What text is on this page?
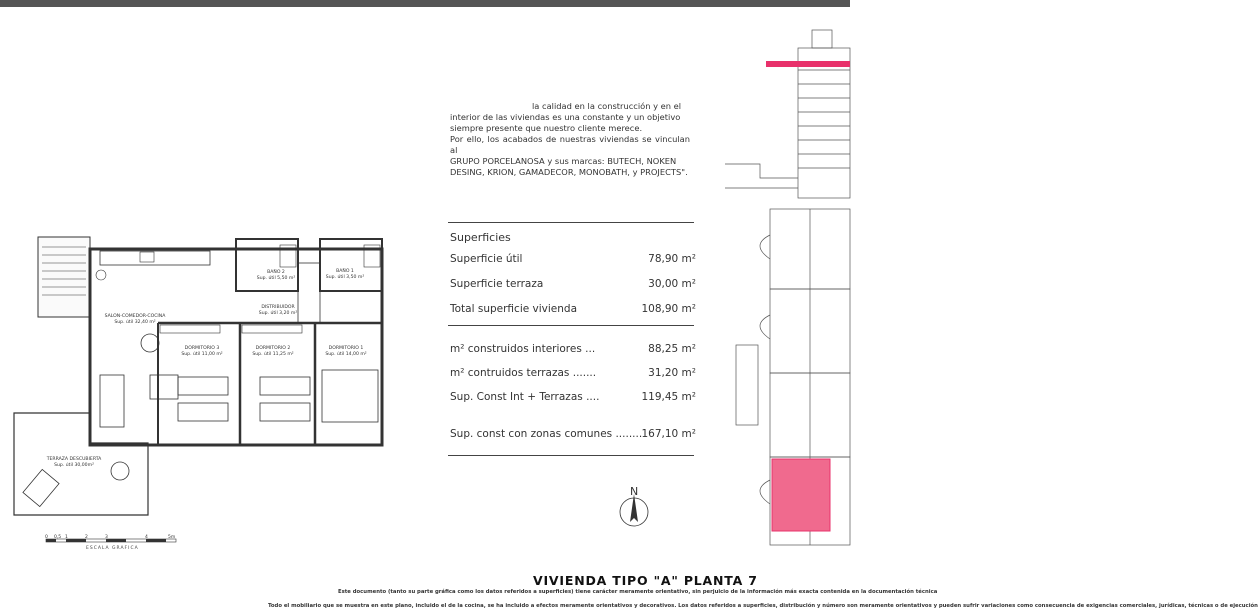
la calidad en la construcción y en el

interior de las viviendas es una constante y un objetivo

siempre presente que nuestro cliente merece.

Por ello, los acabados de nuestras viviendas se vinculan al

GRUPO PORCELANOSA y sus marcas: BUTECH, NOKEN

DESING, KRION, GAMADECOR, MONOBATH, y PROJECTS".

Superficies
Superficie útil	78,90 m²
Superficie terraza	30,00 m²
Total superficie vivienda	108,90 m²
m² construidos interiores ...	88,25 m²
m² contruidos terrazas .......	31,20 m²
Sup. Const Int + Terrazas ....	119,45 m²
Sup. const con zonas comunes ........ 167,10 m²
SALON-COMEDOR-COCINA
Sup. útil 32,40 m²
DISTRIBUIDOR
Sup. útil 3,20 m²
BAÑO 2
Sup. útil 5,50 m²
BAÑO 1
Sup. útil 3,50 m²
DORMITORIO 3
Sup. útil 11,00 m²
DORMITORIO 2
Sup. útil 11,25 m²
DORMITORIO 1
Sup. útil 14,00 m²
TERRAZA DESCUBIERTA
Sup. útil 30,00m²
0 0,5 1	2	3	4	5m
ESCALA GRAFICA
N
VIVIENDA TIPO "A" PLANTA 7
Este documento (tanto su parte gráfica como los datos referidos a superficies) tiene carácter meramente orientativo, sin perjuicio de la información más exacta contenida en la documentación técnica
Todo el mobiliario que se muestra en este plano, incluido el de la cocina, se ha incluido a efectos meramente orientativos y decorativos. Los datos referidos a superficies, distribución y número son meramente orientativos y pueden sufrir variaciones como consecuencia de exigencias comerciales, jurídicas, técnicas o de ejecución
